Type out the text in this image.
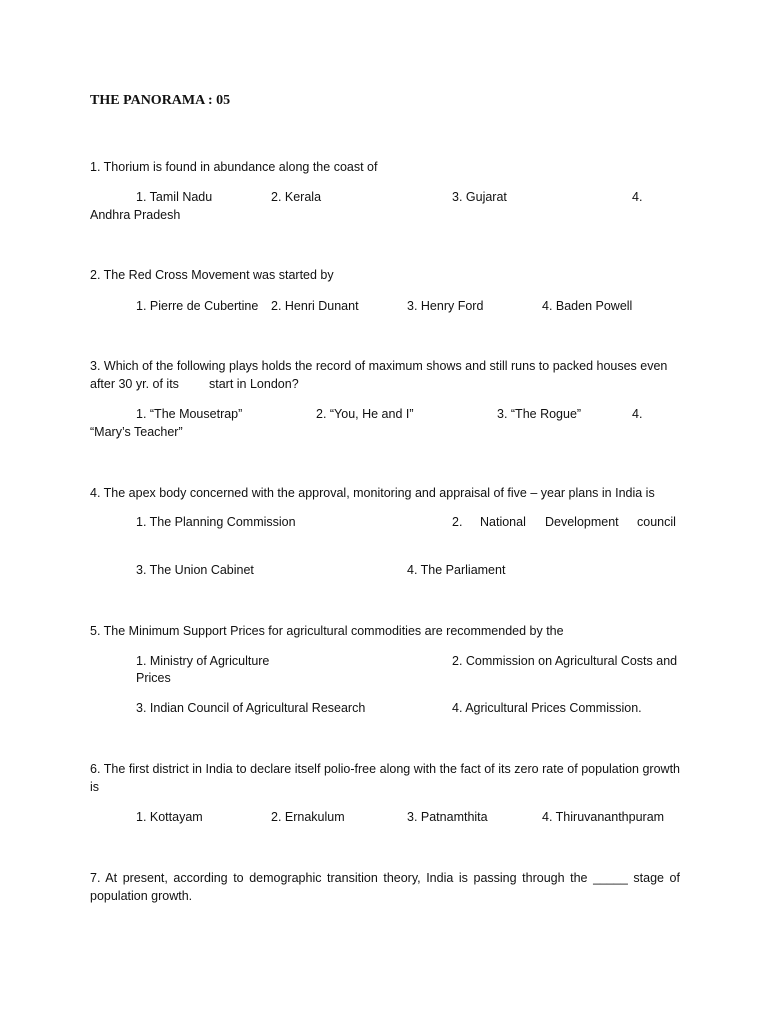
THE PANORAMA : 05
1. Thorium is found in abundance along the coast of
1. Tamil Nadu	2. Kerala	3. Gujarat	4.
Andhra Pradesh
2. The Red Cross Movement was started by
1. Pierre de Cubertine 2. Henri Dunant	3. Henry Ford	4. Baden Powell
3. Which of the following plays holds the record of maximum shows and still runs to packed houses even
after 30 yr. of its start in London?
1. “The Mousetrap”	2. “You, He and I”	3. “The Rogue”	4.
“Mary’s Teacher”
4. The apex body concerned with the approval, monitoring and appraisal of five – year plans in India is
1. The Planning Commission	2. National Development council
3. The Union Cabinet	4. The Parliament
5. The Minimum Support Prices for agricultural commodities are recommended by the
1. Ministry of Agriculture	2. Commission on Agricultural Costs and
Prices
3. Indian Council of Agricultural Research	4. Agricultural Prices Commission.
6. The first district in India to declare itself polio-free along with the fact of its zero rate of population growth is
1. Kottayam	2. Ernakulum	3. Patnamthita	4. Thiruvananthpuram
7. At present, according to demographic transition theory, India is passing through the _____ stage of population growth.
